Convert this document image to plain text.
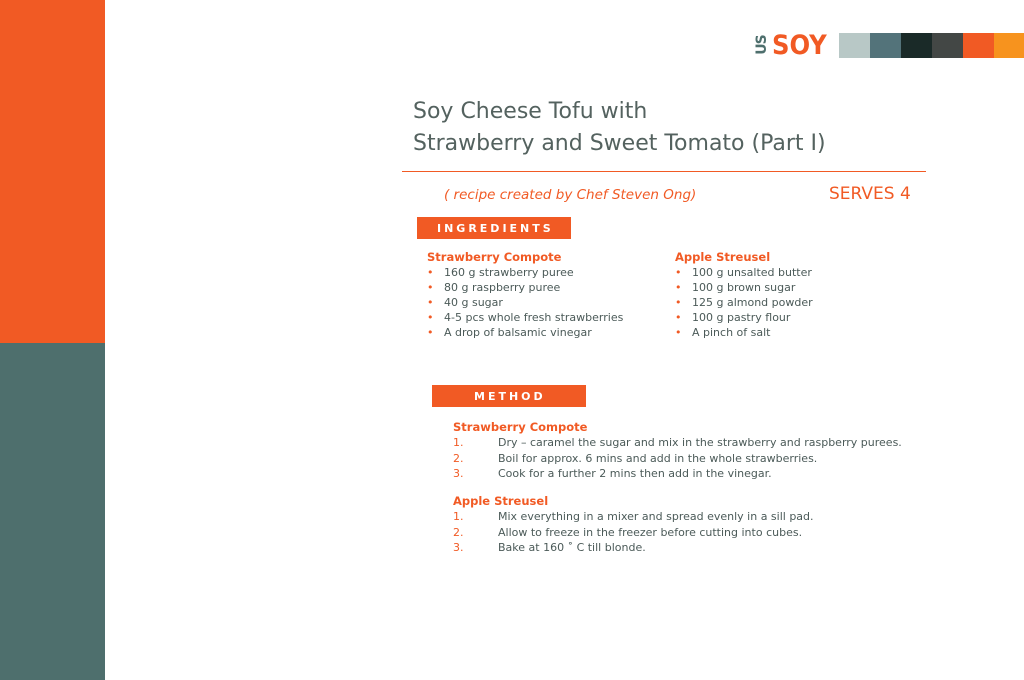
US SOY
Soy Cheese Tofu with
Strawberry and Sweet Tomato (Part I)
( recipe created by Chef Steven Ong)	SERVES 4
INGREDIENTS
Strawberry Compote
• 160 g strawberry puree
• 80 g raspberry puree
• 40 g sugar
• 4-5 pcs whole fresh strawberries
• A drop of balsamic vinegar
Apple Streusel
• 100 g unsalted butter
• 100 g brown sugar
• 125 g almond powder
• 100 g pastry flour
• A pinch of salt
METHOD
Strawberry Compote
1.	Dry – caramel the sugar and mix in the strawberry and raspberry purees.
2.	Boil for approx. 6 mins and add in the whole strawberries.
3.	Cook for a further 2 mins then add in the vinegar.
Apple Streusel
1.	Mix everything in a mixer and spread evenly in a sill pad.
2.	Allow to freeze in the freezer before cutting into cubes.
3.	Bake at 160 ˚ C till blonde.
